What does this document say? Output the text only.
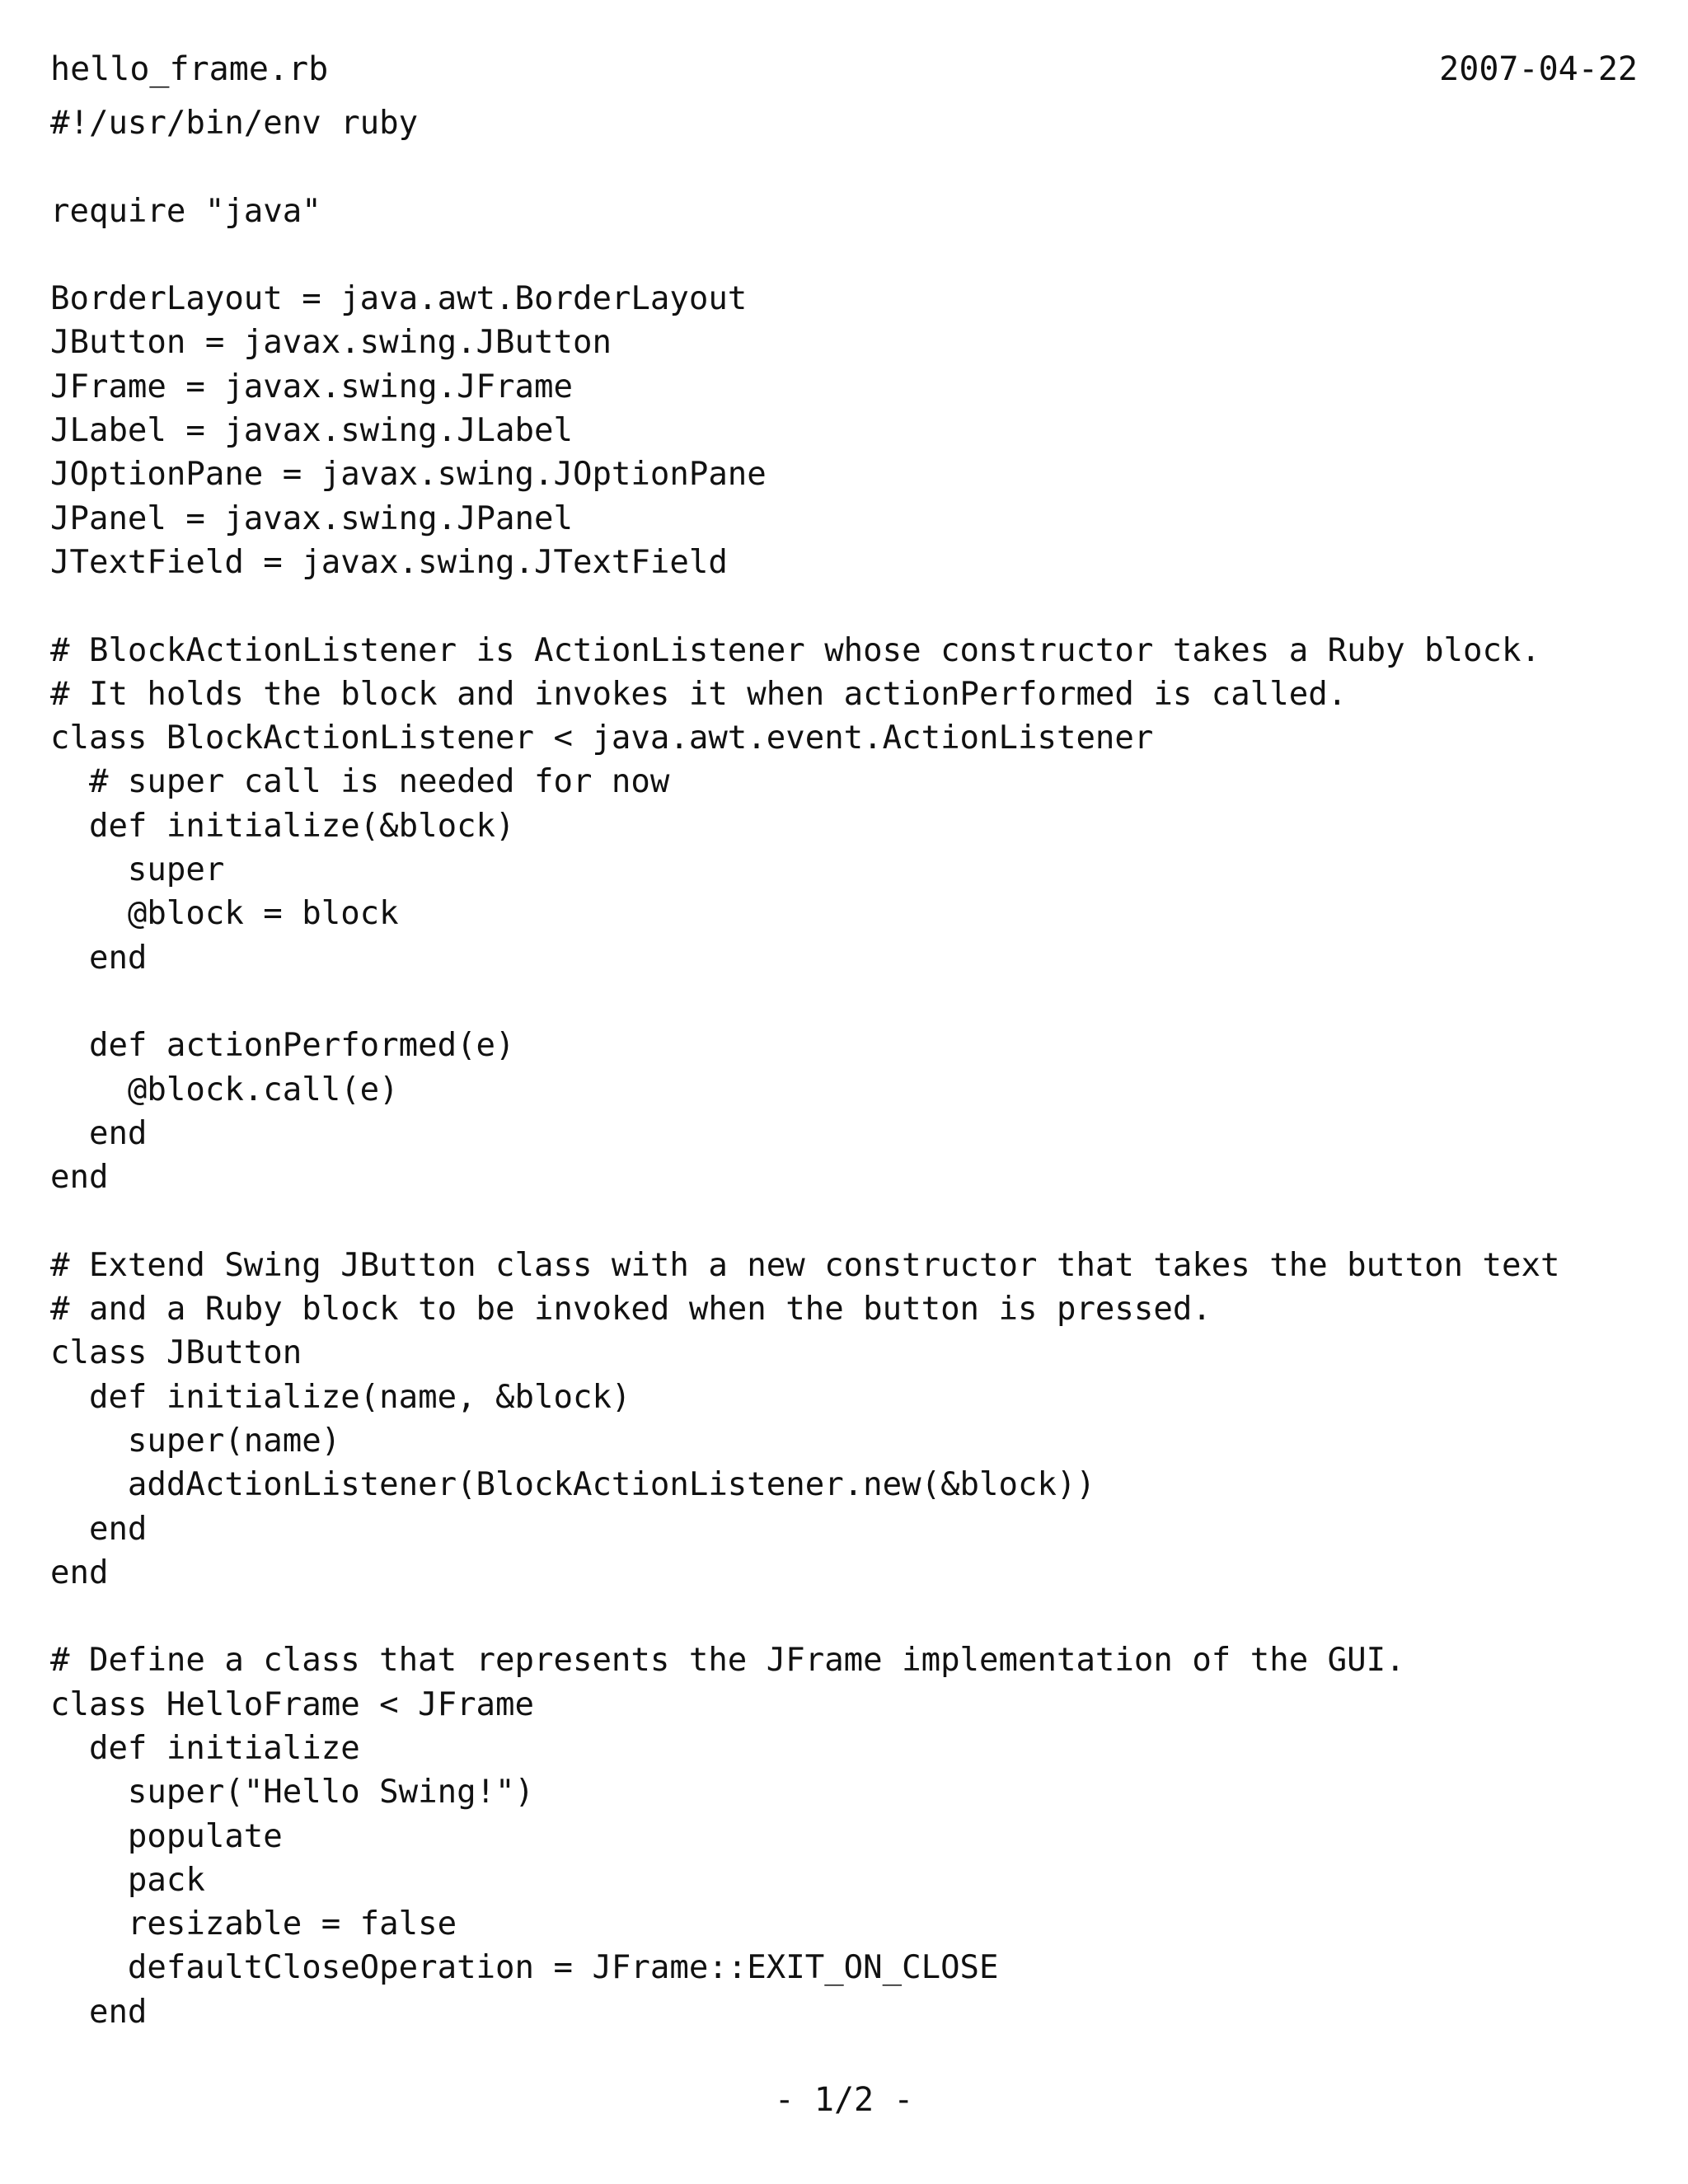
hello_frame.rb	2007-04-22
#!/usr/bin/env ruby
require "java"
BorderLayout = java.awt.BorderLayout
JButton = javax.swing.JButton
JFrame = javax.swing.JFrame
JLabel = javax.swing.JLabel
JOptionPane = javax.swing.JOptionPane
JPanel = javax.swing.JPanel
JTextField = javax.swing.JTextField
# BlockActionListener is ActionListener whose constructor takes a Ruby block.
# It holds the block and invokes it when actionPerformed is called.
class BlockActionListener < java.awt.event.ActionListener
# super call is needed for now
def initialize(&block)
super
@block = block
end
def actionPerformed(e)
@block.call(e)
end
end
# Extend Swing JButton class with a new constructor that takes the button text
# and a Ruby block to be invoked when the button is pressed.
class JButton
def initialize(name, &block)
super(name)
addActionListener(BlockActionListener.new(&block))
end
end
# Define a class that represents the JFrame implementation of the GUI.
class HelloFrame < JFrame
def initialize
super("Hello Swing!")
populate
pack
resizable = false
defaultCloseOperation = JFrame::EXIT_ON_CLOSE
end
- 1/2 -
